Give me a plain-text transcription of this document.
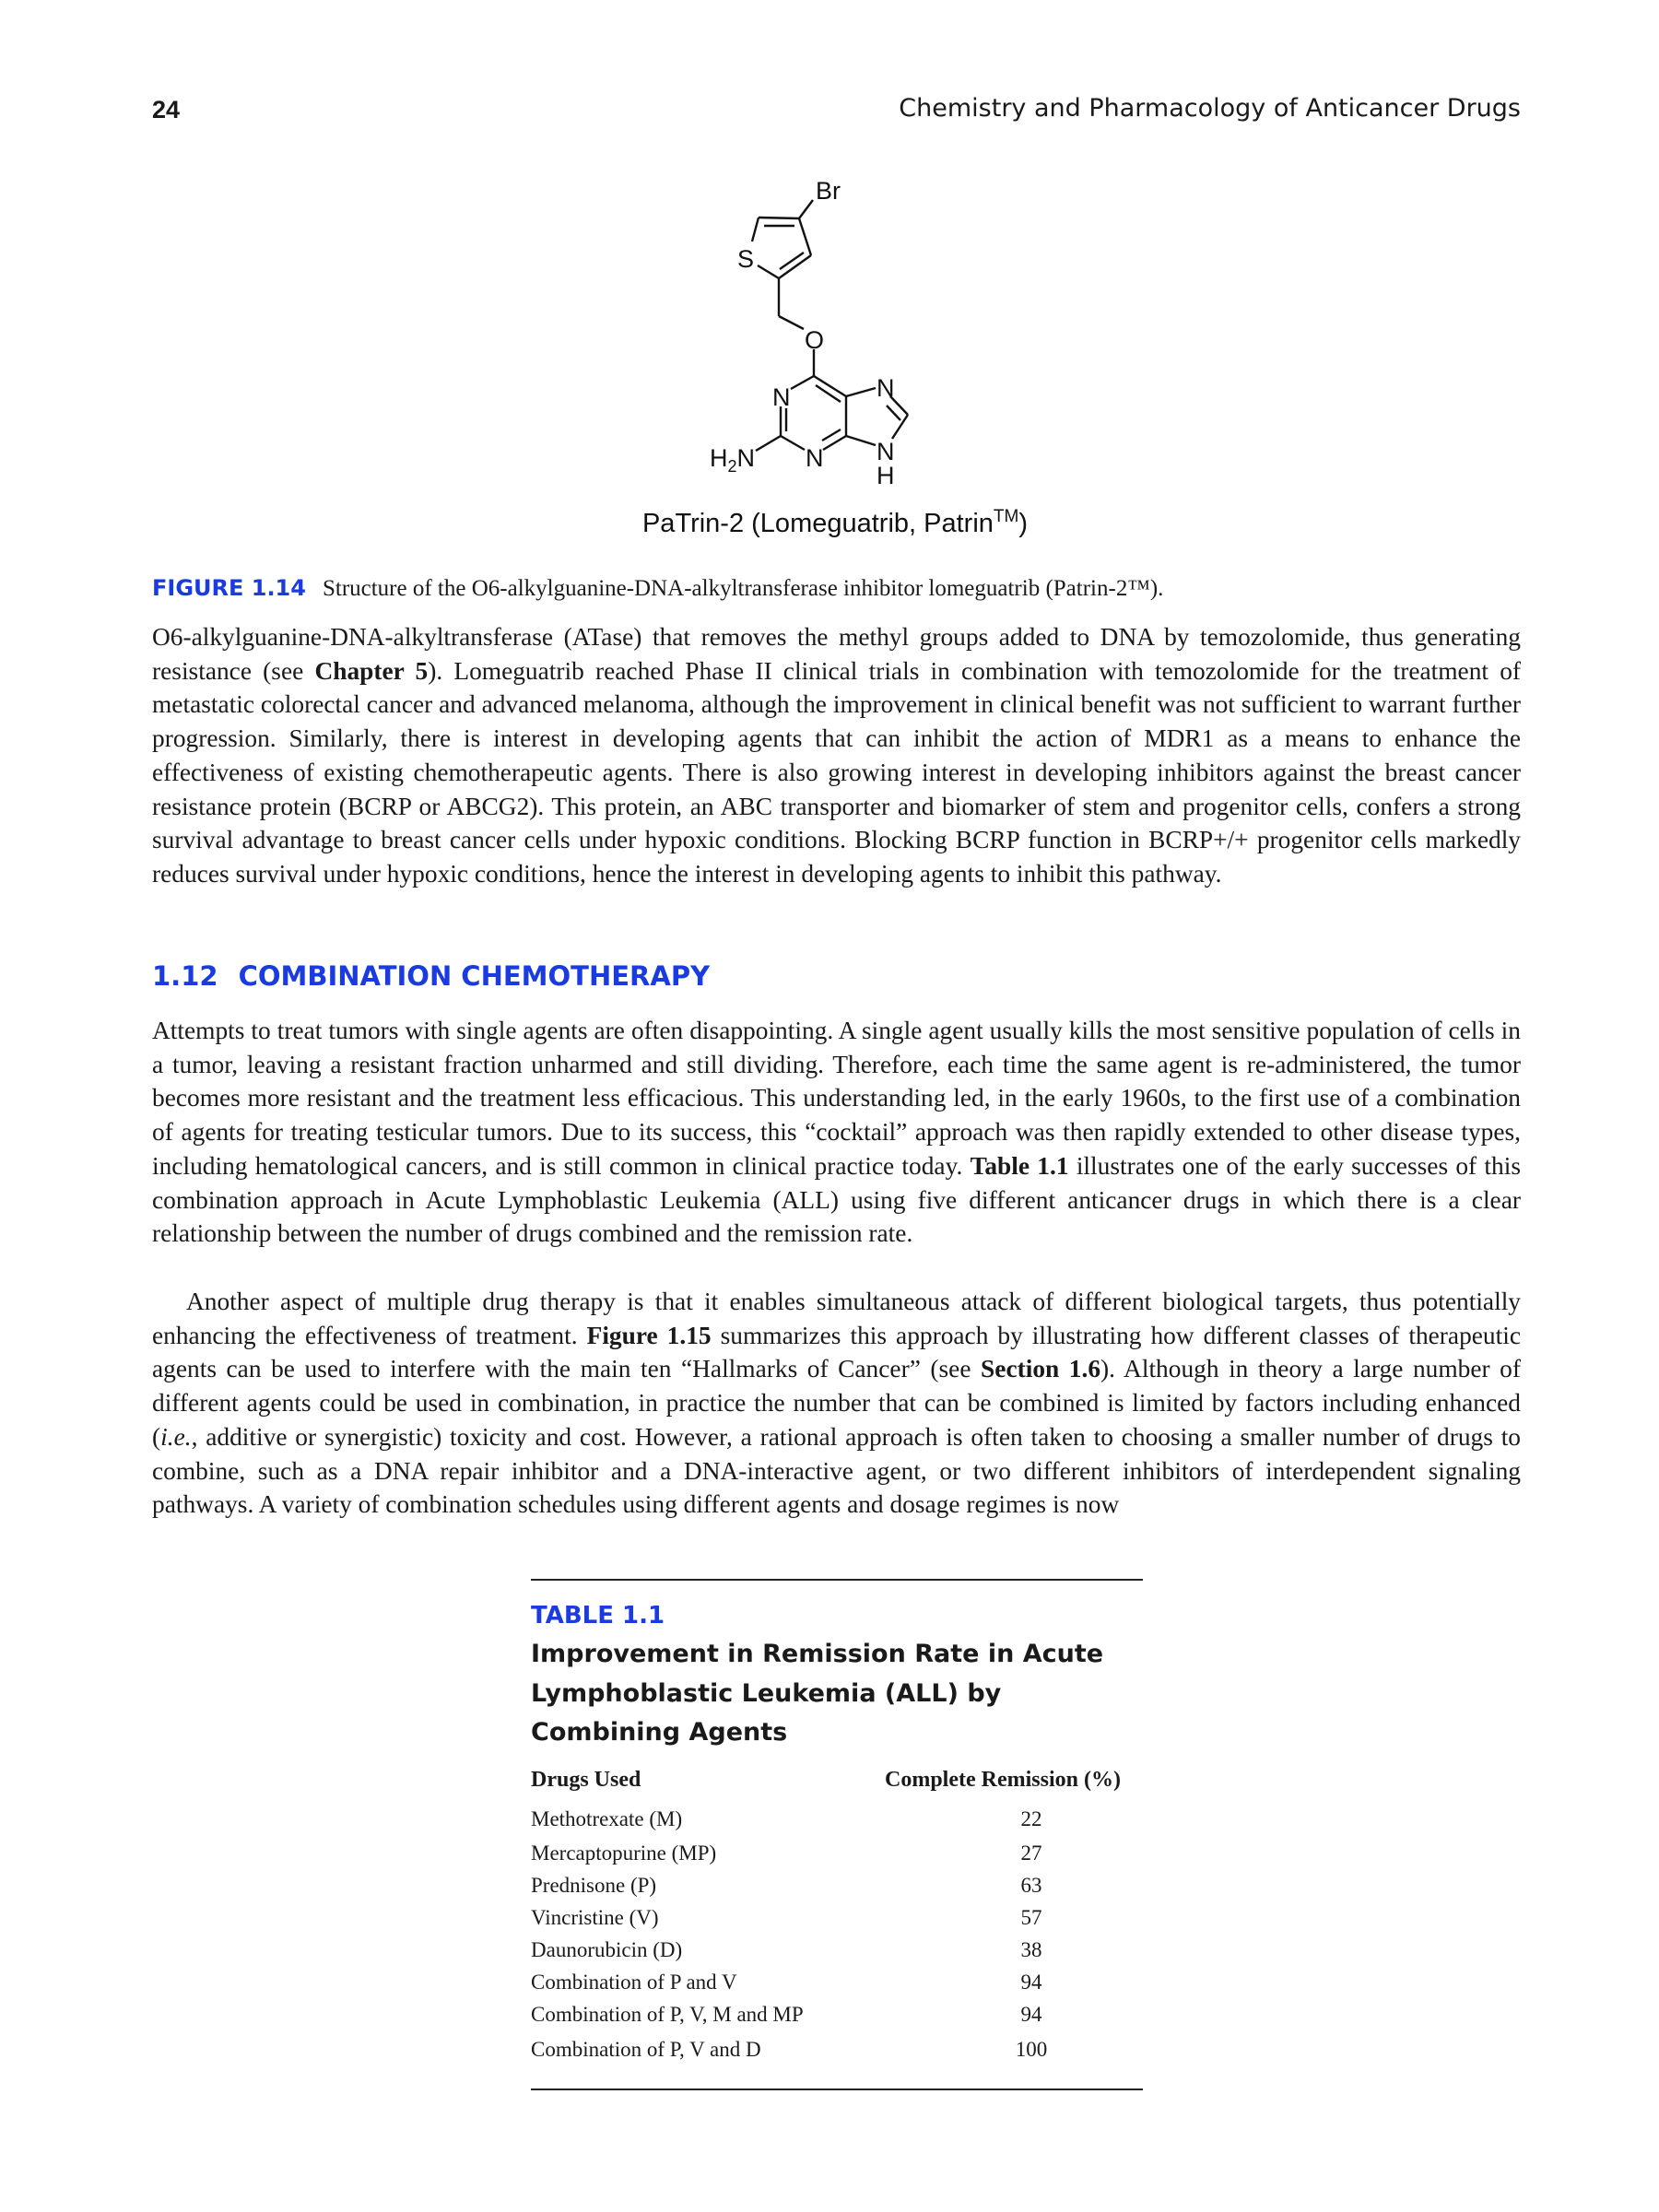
24	Chemistry and Pharmacology of Anticancer Drugs
Br
S
O
N
N
N
N
H
$H_2N$
PaTrin-2 (Lomeguatrib, Patrin™)
FIGURE 1.14 Structure of the O6-alkylguanine-DNA-alkyltransferase inhibitor lomeguatrib (Patrin-2™).
O6-alkylguanine-DNA-alkyltransferase (ATase) that removes the methyl groups added to DNA by temozolomide, thus generating resistance (see Chapter 5). Lomeguatrib reached Phase II clinical trials in combination with temozolomide for the treatment of metastatic colorectal cancer and advanced melanoma, although the improvement in clinical benefit was not sufficient to warrant further progression. Similarly, there is interest in developing agents that can inhibit the action of MDR1 as a means to enhance the effectiveness of existing chemotherapeutic agents. There is also growing interest in developing inhibitors against the breast cancer resistance protein (BCRP or ABCG2). This protein, an ABC transporter and biomarker of stem and progenitor cells, confers a strong survival advantage to breast cancer cells under hypoxic conditions. Blocking BCRP function in BCRP+/+ progenitor cells markedly reduces survival under hypoxic conditions, hence the interest in developing agents to inhibit this pathway.
1.12 COMBINATION CHEMOTHERAPY
Attempts to treat tumors with single agents are often disappointing. A single agent usually kills the most sensitive population of cells in a tumor, leaving a resistant fraction unharmed and still dividing. Therefore, each time the same agent is re-administered, the tumor becomes more resistant and the treatment less efficacious. This understanding led, in the early 1960s, to the first use of a combination of agents for treating testicular tumors. Due to its success, this “cocktail” approach was then rapidly extended to other disease types, including hematological cancers, and is still common in clinical practice today. Table 1.1 illustrates one of the early successes of this combination approach in Acute Lymphoblastic Leukemia (ALL) using five different anticancer drugs in which there is a clear relationship between the number of drugs combined and the remission rate.
Another aspect of multiple drug therapy is that it enables simultaneous attack of different biological targets, thus potentially enhancing the effectiveness of treatment. Figure 1.15 summarizes this approach by illustrating how different classes of therapeutic agents can be used to interfere with the main ten “Hallmarks of Cancer” (see Section 1.6). Although in theory a large number of different agents could be used in combination, in practice the number that can be combined is limited by factors including enhanced (i.e., additive or synergistic) toxicity and cost. However, a rational approach is often taken to choosing a smaller number of drugs to combine, such as a DNA repair inhibitor and a DNA-interactive agent, or two different inhibitors of interdependent signaling pathways. A variety of combination schedules using different agents and dosage regimes is now
TABLE 1.1
Improvement in Remission Rate in Acute Lymphoblastic Leukemia (ALL) by Combining Agents
Drugs Used	Complete Remission (%)
Methotrexate (M)	22
Mercaptopurine (MP)	27
Prednisone (P)	63
Vincristine (V)	57
Daunorubicin (D)	38
Combination of P and V	94
Combination of P, V, M and MP	94
Combination of P, V and D	100
